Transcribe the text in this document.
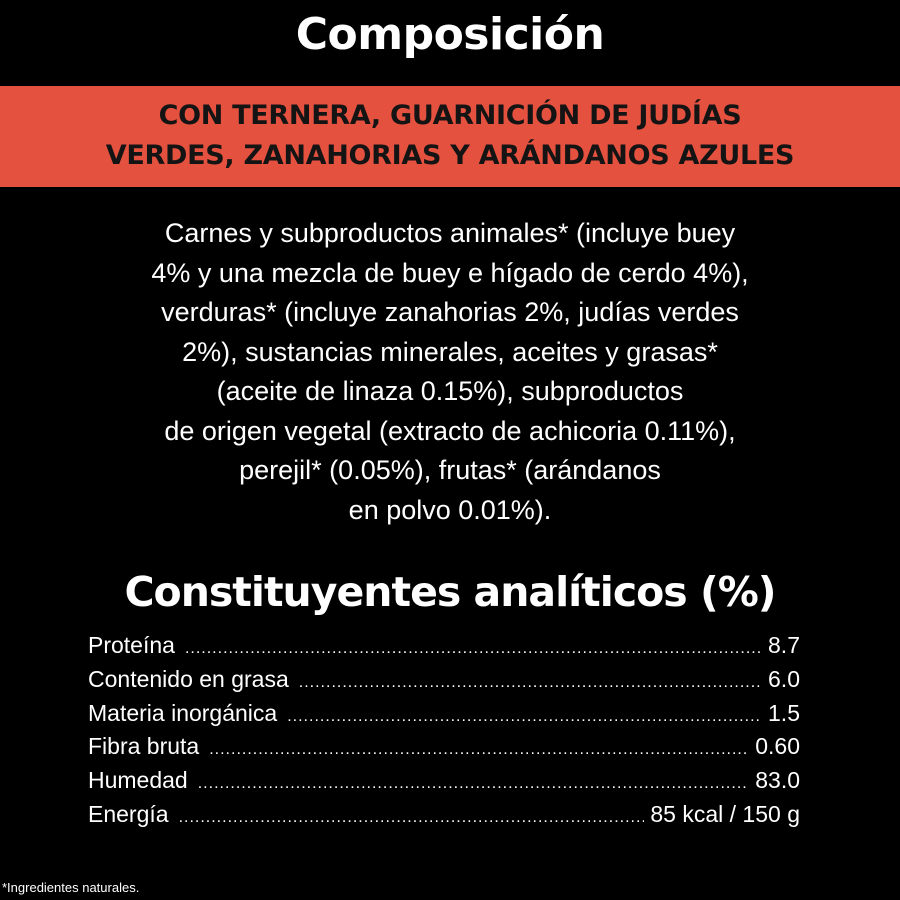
Composición
CON TERNERA, GUARNICIÓN DE JUDÍAS
VERDES, ZANAHORIAS Y ARÁNDANOS AZULES
Carnes y subproductos animales* (incluye buey
4% y una mezcla de buey e hígado de cerdo 4%),
verduras* (incluye zanahorias 2%, judías verdes
2%), sustancias minerales, aceites y grasas*
(aceite de linaza 0.15%), subproductos
de origen vegetal (extracto de achicoria 0.11%),
perejil* (0.05%), frutas* (arándanos
en polvo 0.01%).
Constituyentes analíticos (%)
Proteína .....	8.7
Contenido en grasa .....	6.0
Materia inorgánica .....	1.5
Fibra bruta .....	0.60
Humedad .....	83.0
Energía .....	85 kcal / 150 g
*Ingredientes naturales.
